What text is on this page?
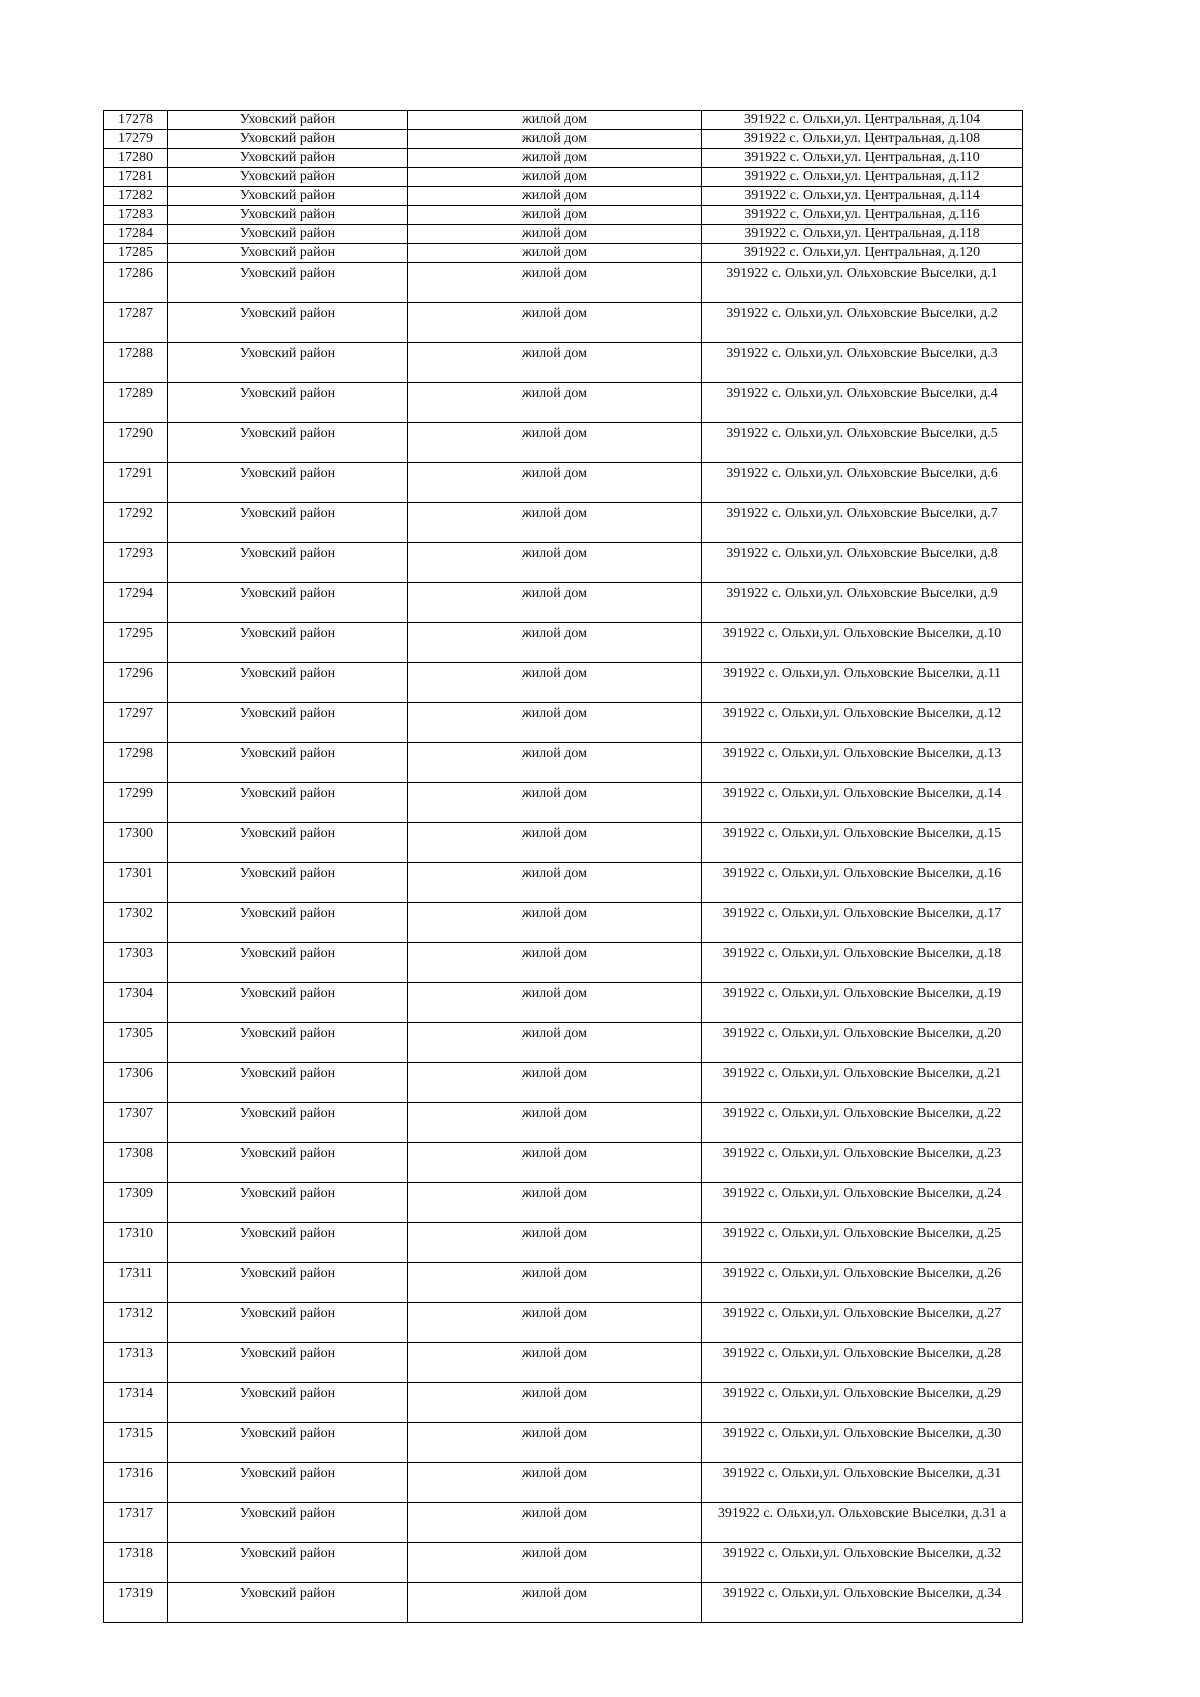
17278	Уховский район	жилой дом	391922 с. Ольхи,ул. Центральная, д.104
17279	Уховский район	жилой дом	391922 с. Ольхи,ул. Центральная, д.108
17280	Уховский район	жилой дом	391922 с. Ольхи,ул. Центральная, д.110
17281	Уховский район	жилой дом	391922 с. Ольхи,ул. Центральная, д.112
17282	Уховский район	жилой дом	391922 с. Ольхи,ул. Центральная, д.114
17283	Уховский район	жилой дом	391922 с. Ольхи,ул. Центральная, д.116
17284	Уховский район	жилой дом	391922 с. Ольхи,ул. Центральная, д.118
17285	Уховский район	жилой дом	391922 с. Ольхи,ул. Центральная, д.120
17286	Уховский район	жилой дом	391922 с. Ольхи,ул. Ольховские Выселки, д.1
17287	Уховский район	жилой дом	391922 с. Ольхи,ул. Ольховские Выселки, д.2
17288	Уховский район	жилой дом	391922 с. Ольхи,ул. Ольховские Выселки, д.3
17289	Уховский район	жилой дом	391922 с. Ольхи,ул. Ольховские Выселки, д.4
17290	Уховский район	жилой дом	391922 с. Ольхи,ул. Ольховские Выселки, д.5
17291	Уховский район	жилой дом	391922 с. Ольхи,ул. Ольховские Выселки, д.6
17292	Уховский район	жилой дом	391922 с. Ольхи,ул. Ольховские Выселки, д.7
17293	Уховский район	жилой дом	391922 с. Ольхи,ул. Ольховские Выселки, д.8
17294	Уховский район	жилой дом	391922 с. Ольхи,ул. Ольховские Выселки, д.9
17295	Уховский район	жилой дом	391922 с. Ольхи,ул. Ольховские Выселки, д.10
17296	Уховский район	жилой дом	391922 с. Ольхи,ул. Ольховские Выселки, д.11
17297	Уховский район	жилой дом	391922 с. Ольхи,ул. Ольховские Выселки, д.12
17298	Уховский район	жилой дом	391922 с. Ольхи,ул. Ольховские Выселки, д.13
17299	Уховский район	жилой дом	391922 с. Ольхи,ул. Ольховские Выселки, д.14
17300	Уховский район	жилой дом	391922 с. Ольхи,ул. Ольховские Выселки, д.15
17301	Уховский район	жилой дом	391922 с. Ольхи,ул. Ольховские Выселки, д.16
17302	Уховский район	жилой дом	391922 с. Ольхи,ул. Ольховские Выселки, д.17
17303	Уховский район	жилой дом	391922 с. Ольхи,ул. Ольховские Выселки, д.18
17304	Уховский район	жилой дом	391922 с. Ольхи,ул. Ольховские Выселки, д.19
17305	Уховский район	жилой дом	391922 с. Ольхи,ул. Ольховские Выселки, д.20
17306	Уховский район	жилой дом	391922 с. Ольхи,ул. Ольховские Выселки, д.21
17307	Уховский район	жилой дом	391922 с. Ольхи,ул. Ольховские Выселки, д.22
17308	Уховский район	жилой дом	391922 с. Ольхи,ул. Ольховские Выселки, д.23
17309	Уховский район	жилой дом	391922 с. Ольхи,ул. Ольховские Выселки, д.24
17310	Уховский район	жилой дом	391922 с. Ольхи,ул. Ольховские Выселки, д.25
17311	Уховский район	жилой дом	391922 с. Ольхи,ул. Ольховские Выселки, д.26
17312	Уховский район	жилой дом	391922 с. Ольхи,ул. Ольховские Выселки, д.27
17313	Уховский район	жилой дом	391922 с. Ольхи,ул. Ольховские Выселки, д.28
17314	Уховский район	жилой дом	391922 с. Ольхи,ул. Ольховские Выселки, д.29
17315	Уховский район	жилой дом	391922 с. Ольхи,ул. Ольховские Выселки, д.30
17316	Уховский район	жилой дом	391922 с. Ольхи,ул. Ольховские Выселки, д.31
17317	Уховский район	жилой дом	391922 с. Ольхи,ул. Ольховские Выселки, д.31 а
17318	Уховский район	жилой дом	391922 с. Ольхи,ул. Ольховские Выселки, д.32
17319	Уховский район	жилой дом	391922 с. Ольхи,ул. Ольховские Выселки, д.34
